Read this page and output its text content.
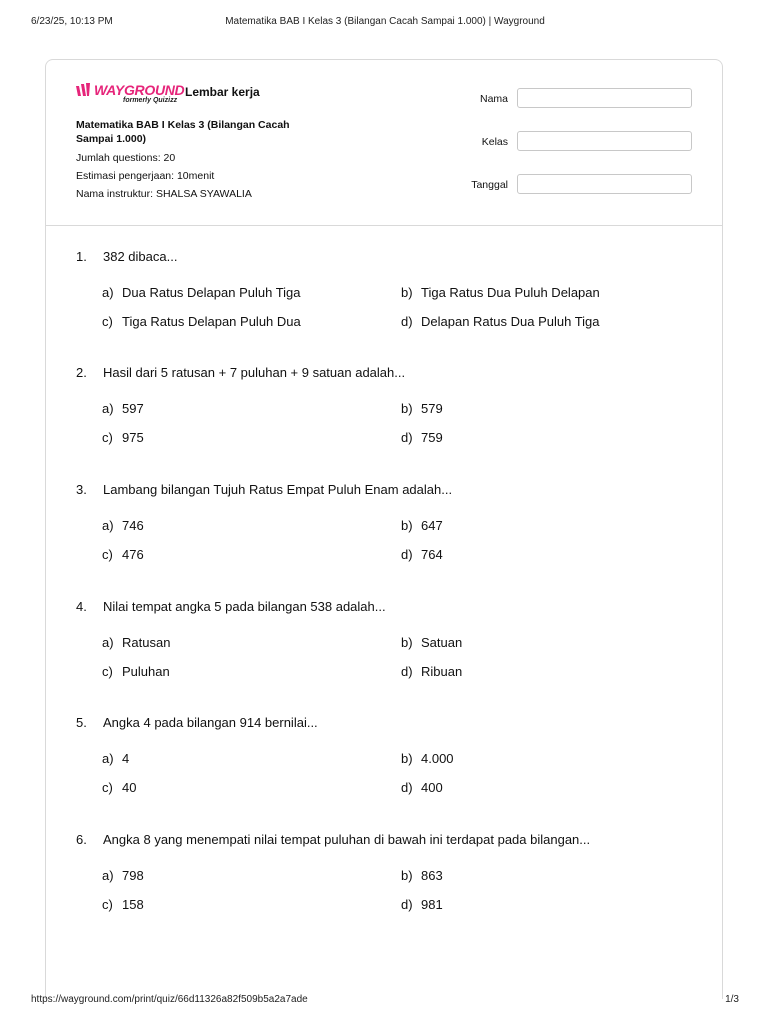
6/23/25, 10:13 PM	Matematika BAB I Kelas 3 (Bilangan Cacah Sampai 1.000) | Wayground
WAYGROUND
formerly Quizizz
Lembar kerja
Matematika BAB I Kelas 3 (Bilangan Cacah Sampai 1.000)
Jumlah questions: 20
Estimasi pengerjaan: 10menit
Nama instruktur: SHALSA SYAWALIA
Nama
Kelas
Tanggal
1. 382 dibaca...
a) Dua Ratus Delapan Puluh Tiga	b) Tiga Ratus Dua Puluh Delapan
c) Tiga Ratus Delapan Puluh Dua	d) Delapan Ratus Dua Puluh Tiga
2. Hasil dari 5 ratusan + 7 puluhan + 9 satuan adalah...
a) 597	b) 579
c) 975	d) 759
3. Lambang bilangan Tujuh Ratus Empat Puluh Enam adalah...
a) 746	b) 647
c) 476	d) 764
4. Nilai tempat angka 5 pada bilangan 538 adalah...
a) Ratusan	b) Satuan
c) Puluhan	d) Ribuan
5. Angka 4 pada bilangan 914 bernilai...
a) 4	b) 4.000
c) 40	d) 400
6. Angka 8 yang menempati nilai tempat puluhan di bawah ini terdapat pada bilangan...
a) 798	b) 863
c) 158	d) 981
https://wayground.com/print/quiz/66d11326a82f509b5a2a7ade	1/3
